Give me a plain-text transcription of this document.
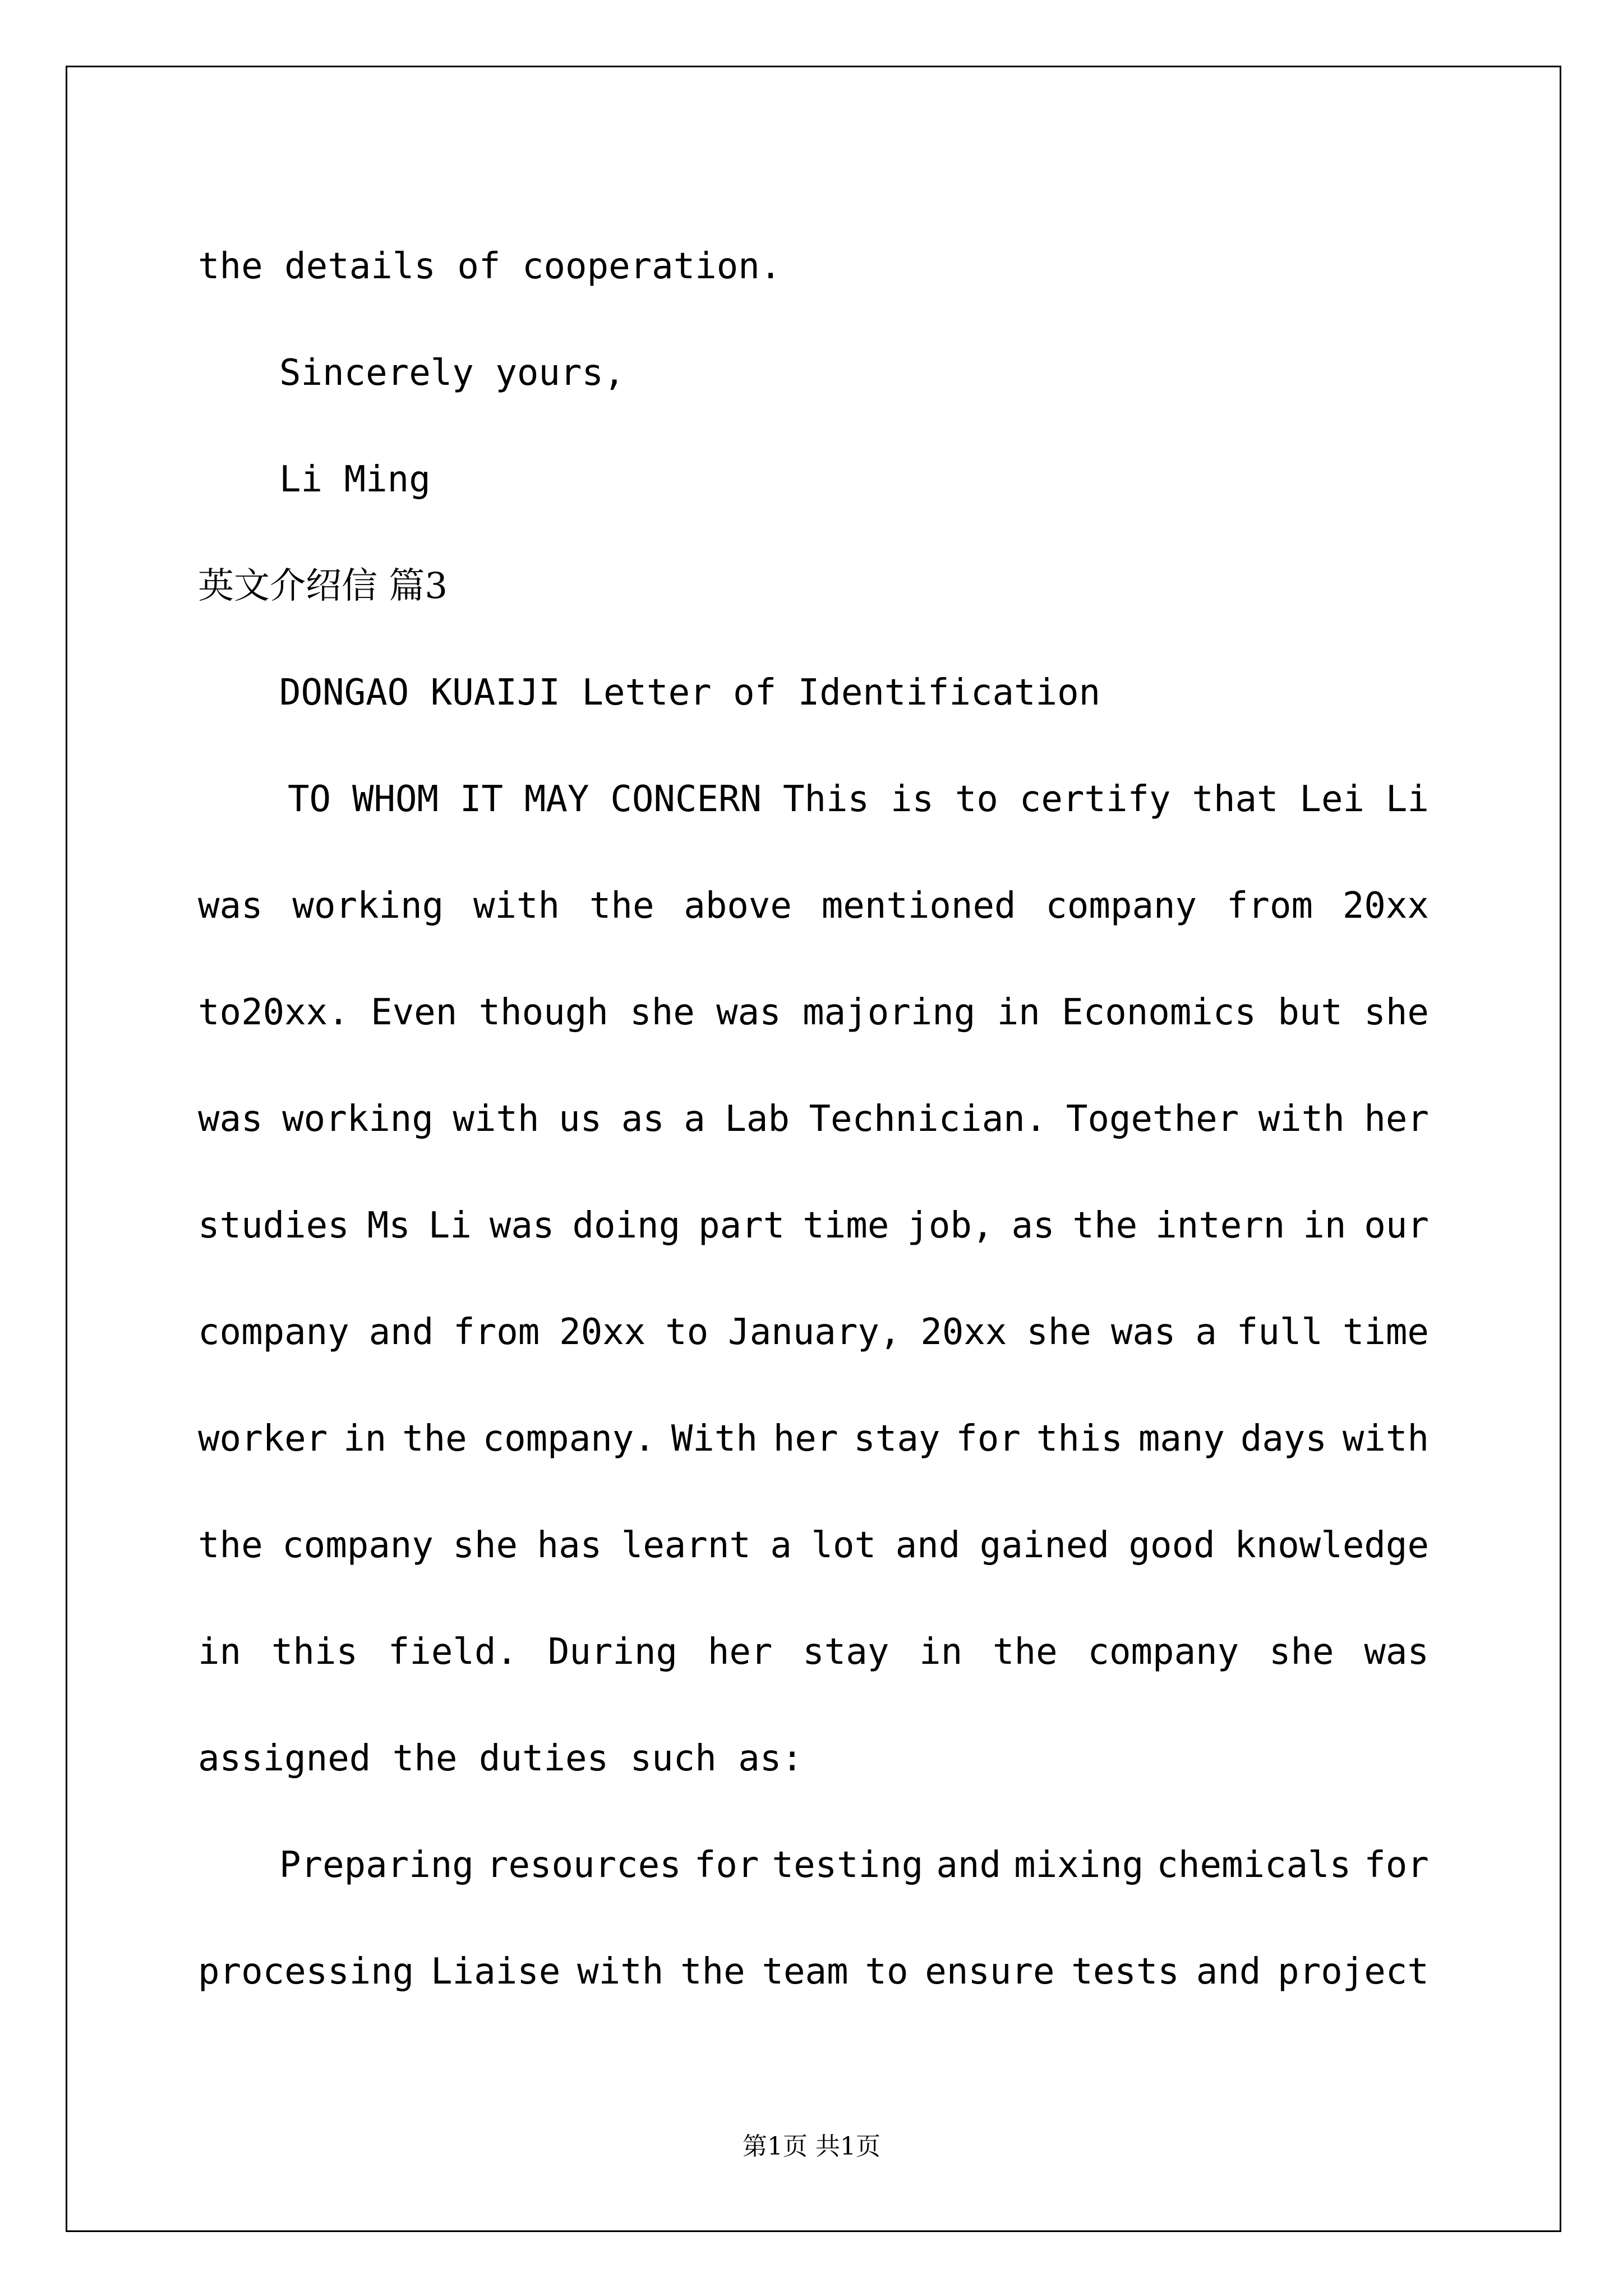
the details of cooperation.
Sincerely yours,
Li Ming
英文介绍信 篇3
DONGAO KUAIJI Letter of Identification
TO WHOM IT MAY CONCERN This is to certify that Lei Li
was working with the above mentioned company from 20xx
to20xx. Even though she was majoring in Economics but she
was working with us as a Lab Technician. Together with her
studies Ms Li was doing part time job, as the intern in our
company and from 20xx to January, 20xx she was a full time
worker in the company. With her stay for this many days with
the company she has learnt a lot and gained good knowledge
in this field. During her stay in the company she was
assigned the duties such as:
Preparing resources for testing and mixing chemicals for
processing Liaise with the team to ensure tests and project
第1页 共1页
